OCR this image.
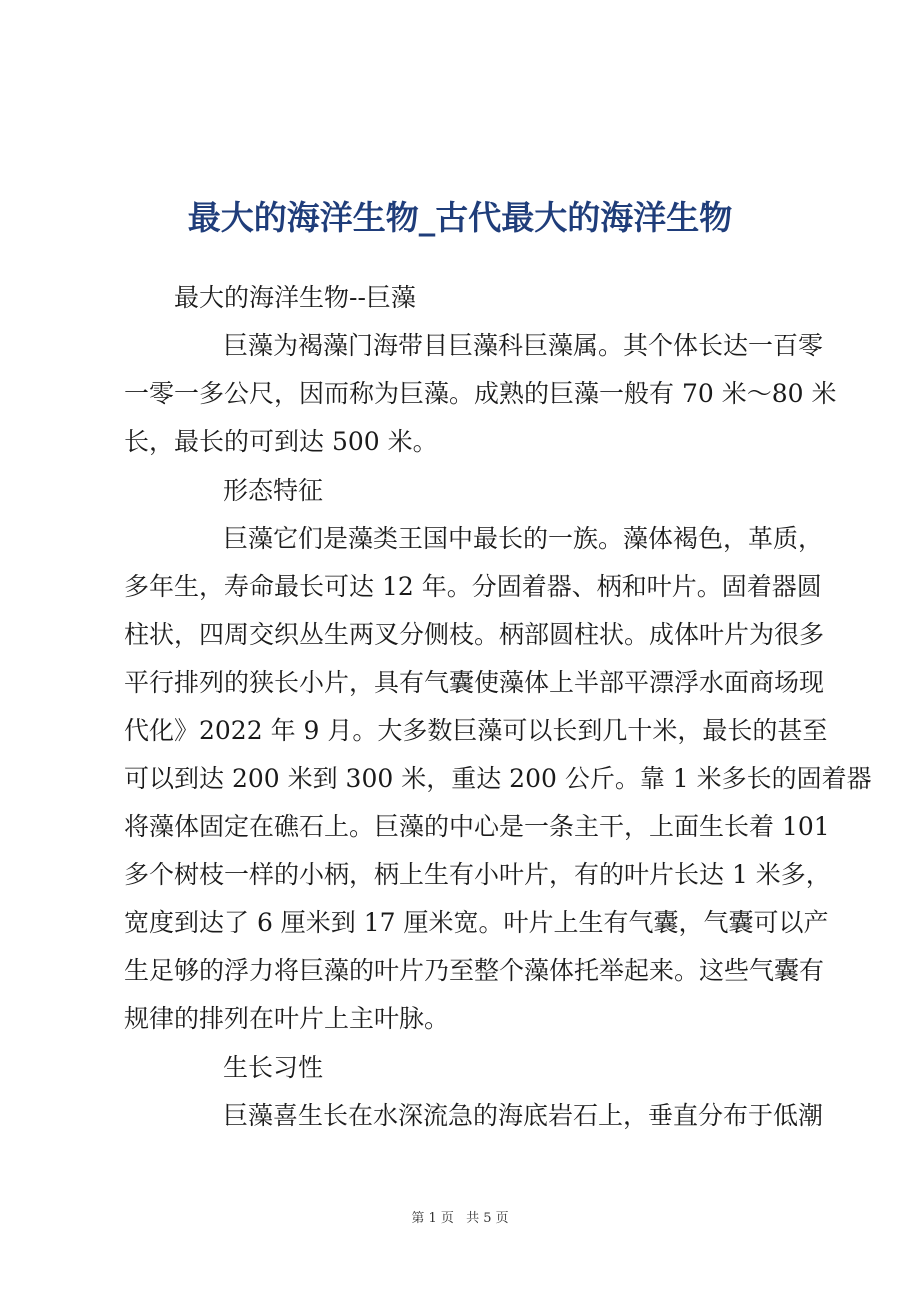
最大的海洋生物_古代最大的海洋生物
最大的海洋生物--巨藻
巨藻为褐藻门海带目巨藻科巨藻属。其个体长达一百零
一零一多公尺，因而称为巨藻。成熟的巨藻一般有 70 米～80 米
长，最长的可到达 500 米。
形态特征
巨藻它们是藻类王国中最长的一族。藻体褐色，革质，
多年生，寿命最长可达 12 年。分固着器、柄和叶片。固着器圆
柱状，四周交织丛生两叉分侧枝。柄部圆柱状。成体叶片为很多
平行排列的狭长小片，具有气囊使藻体上半部平漂浮水面商场现
代化》2022 年 9 月。大多数巨藻可以长到几十米，最长的甚至
可以到达 200 米到 300 米，重达 200 公斤。靠 1 米多长的固着器
将藻体固定在礁石上。巨藻的中心是一条主干，上面生长着 101
多个树枝一样的小柄，柄上生有小叶片，有的叶片长达 1 米多，
宽度到达了 6 厘米到 17 厘米宽。叶片上生有气囊，气囊可以产
生足够的浮力将巨藻的叶片乃至整个藻体托举起来。这些气囊有
规律的排列在叶片上主叶脉。
生长习性
巨藻喜生长在水深流急的海底岩石上，垂直分布于低潮
第 1 页 共 5 页
